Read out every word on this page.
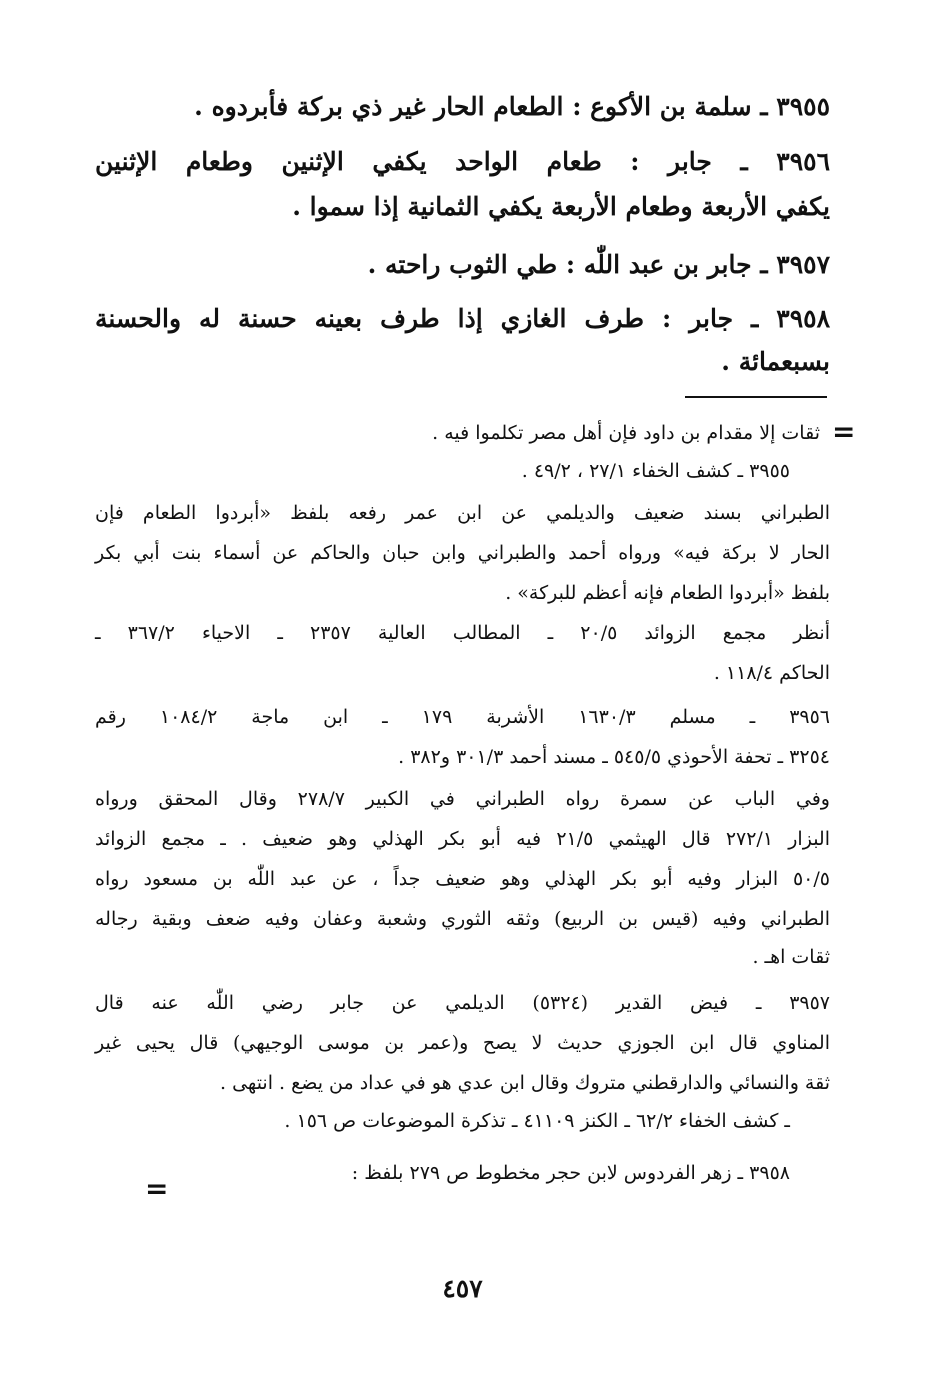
٣٩٥٥ ـ سلمة بن الأكوع : الطعام الحار غير ذي بركة فأبردوه .
٣٩٥٦ ـ جابر : طعام الواحد يكفي الإثنين وطعام الإثنين
يكفي الأربعة وطعام الأربعة يكفي الثمانية إذا سموا .
٣٩٥٧ ـ جابر بن عبد اللّٰه : طي الثوب راحته .
٣٩٥٨ ـ جابر : طرف الغازي إذا طرف بعينه حسنة له والحسنة
بسبعمائة .
=
ثقات إلا مقدام بن داود فإن أهل مصر تكلموا فيه .
٣٩٥٥ ـ كشف الخفاء ٢٧/١ ، ٤٩/٢ .
الطبراني بسند ضعيف والديلمي عن ابن عمر رفعه بلفظ «أبردوا الطعام فإن
الحار لا بركة فيه» ورواه أحمد والطبراني وابن حبان والحاكم عن أسماء بنت أبي بكر
بلفظ «أبردوا الطعام فإنه أعظم للبركة» .
أنظر مجمع الزوائد ٢٠/٥ ـ المطالب العالية ٢٣٥٧ ـ الاحياء ٣٦٧/٢ ـ
الحاكم ١١٨/٤ .
٣٩٥٦ ـ مسلم ١٦٣٠/٣ الأشربة ١٧٩ ـ ابن ماجة ١٠٨٤/٢ رقم
٣٢٥٤ ـ تحفة الأحوذي ٥٤٥/٥ ـ مسند أحمد ٣٠١/٣ و٣٨٢ .
وفي الباب عن سمرة رواه الطبراني في الكبير ٢٧٨/٧ وقال المحقق ورواه
البزار ٢٧٢/١ قال الهيثمي ٢١/٥ فيه أبو بكر الهذلي وهو ضعيف . ـ مجمع الزوائد
٥٠/٥ البزار وفيه أبو بكر الهذلي وهو ضعيف جداً ، عن عبد اللّٰه بن مسعود رواه
الطبراني وفيه (قيس بن الربيع) وثقه الثوري وشعبة وعفان وفيه ضعف وبقية رجاله
ثقات اهـ .
٣٩٥٧ ـ فيض القدير (٥٣٢٤) الديلمي عن جابر رضي اللّٰه عنه قال
المناوي قال ابن الجوزي حديث لا يصح و(عمر بن موسى الوجيهي) قال يحيى غير
ثقة والنسائي والدارقطني متروك وقال ابن عدي هو في عداد من يضع . انتهى .
ـ كشف الخفاء ٦٢/٢ ـ الكنز ٤١١٠٩ ـ تذكرة الموضوعات ص ١٥٦ .
٣٩٥٨ ـ زهر الفردوس لابن حجر مخطوط ص ٢٧٩ بلفظ :
=
٤٥٧
